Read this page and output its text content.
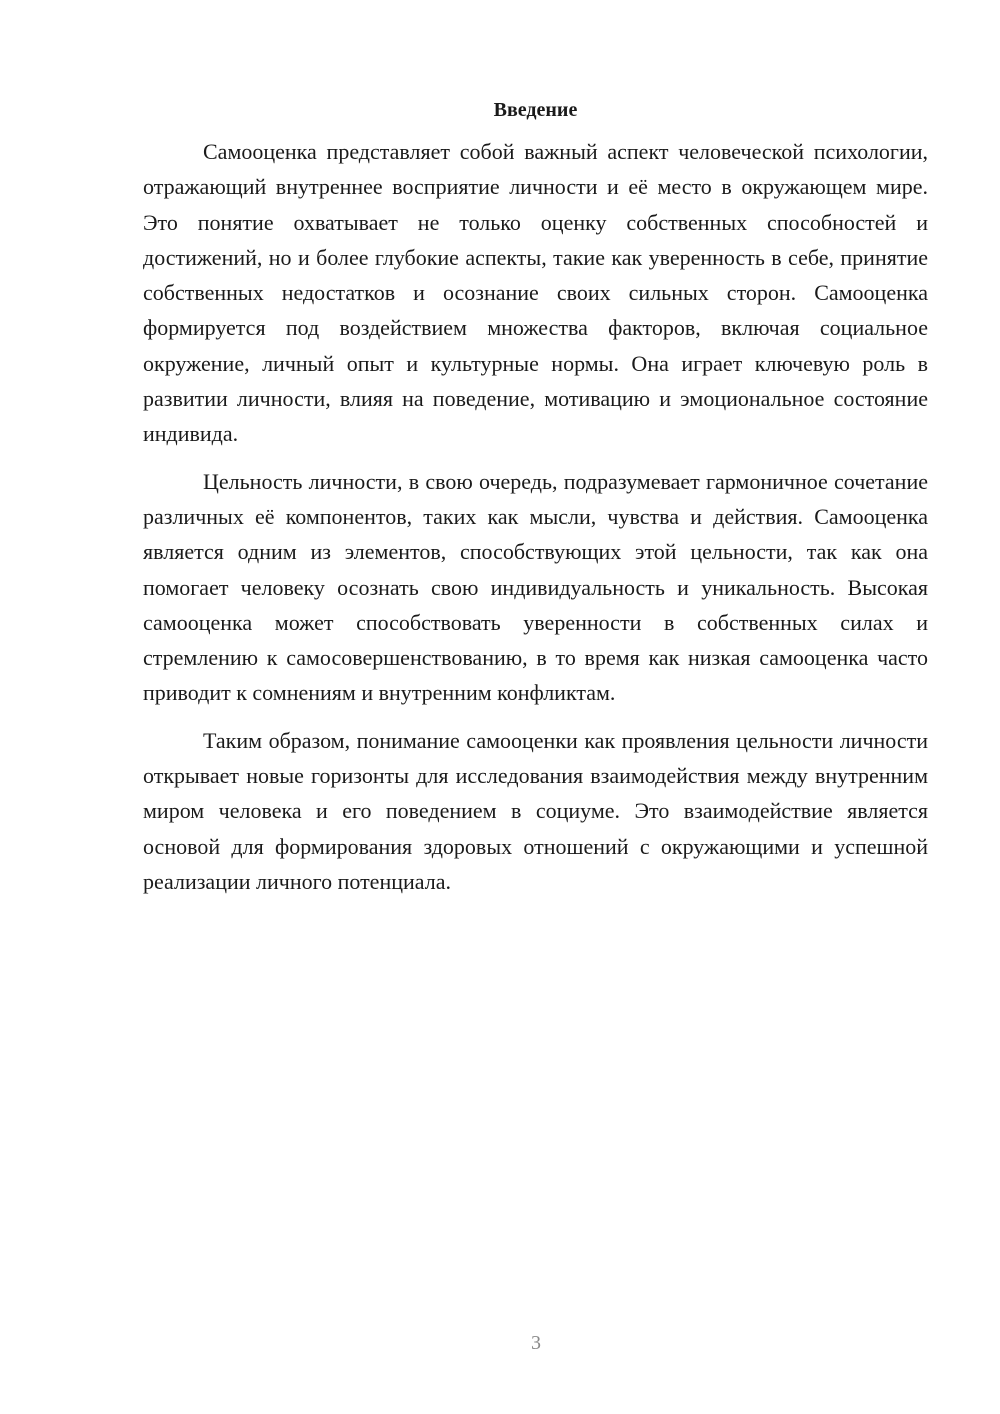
Введение

Самооценка представляет собой важный аспект человеческой психологии, отражающий внутреннее восприятие личности и её место в окружающем мире. Это понятие охватывает не только оценку собственных способностей и достижений, но и более глубокие аспекты, такие как уверенность в себе, принятие собственных недостатков и осознание своих сильных сторон. Самооценка формируется под воздействием множества факторов, включая социальное окружение, личный опыт и культурные нормы. Она играет ключевую роль в развитии личности, влияя на поведение, мотивацию и эмоциональное состояние индивида.

Цельность личности, в свою очередь, подразумевает гармоничное сочетание различных её компонентов, таких как мысли, чувства и действия. Самооценка является одним из элементов, способствующих этой цельности, так как она помогает человеку осознать свою индивидуальность и уникальность. Высокая самооценка может способствовать уверенности в собственных силах и стремлению к самосовершенствованию, в то время как низкая самооценка часто приводит к сомнениям и внутренним конфликтам.

Таким образом, понимание самооценки как проявления цельности личности открывает новые горизонты для исследования взаимодействия между внутренним миром человека и его поведением в социуме. Это взаимодействие является основой для формирования здоровых отношений с окружающими и успешной реализации личного потенциала.

3
